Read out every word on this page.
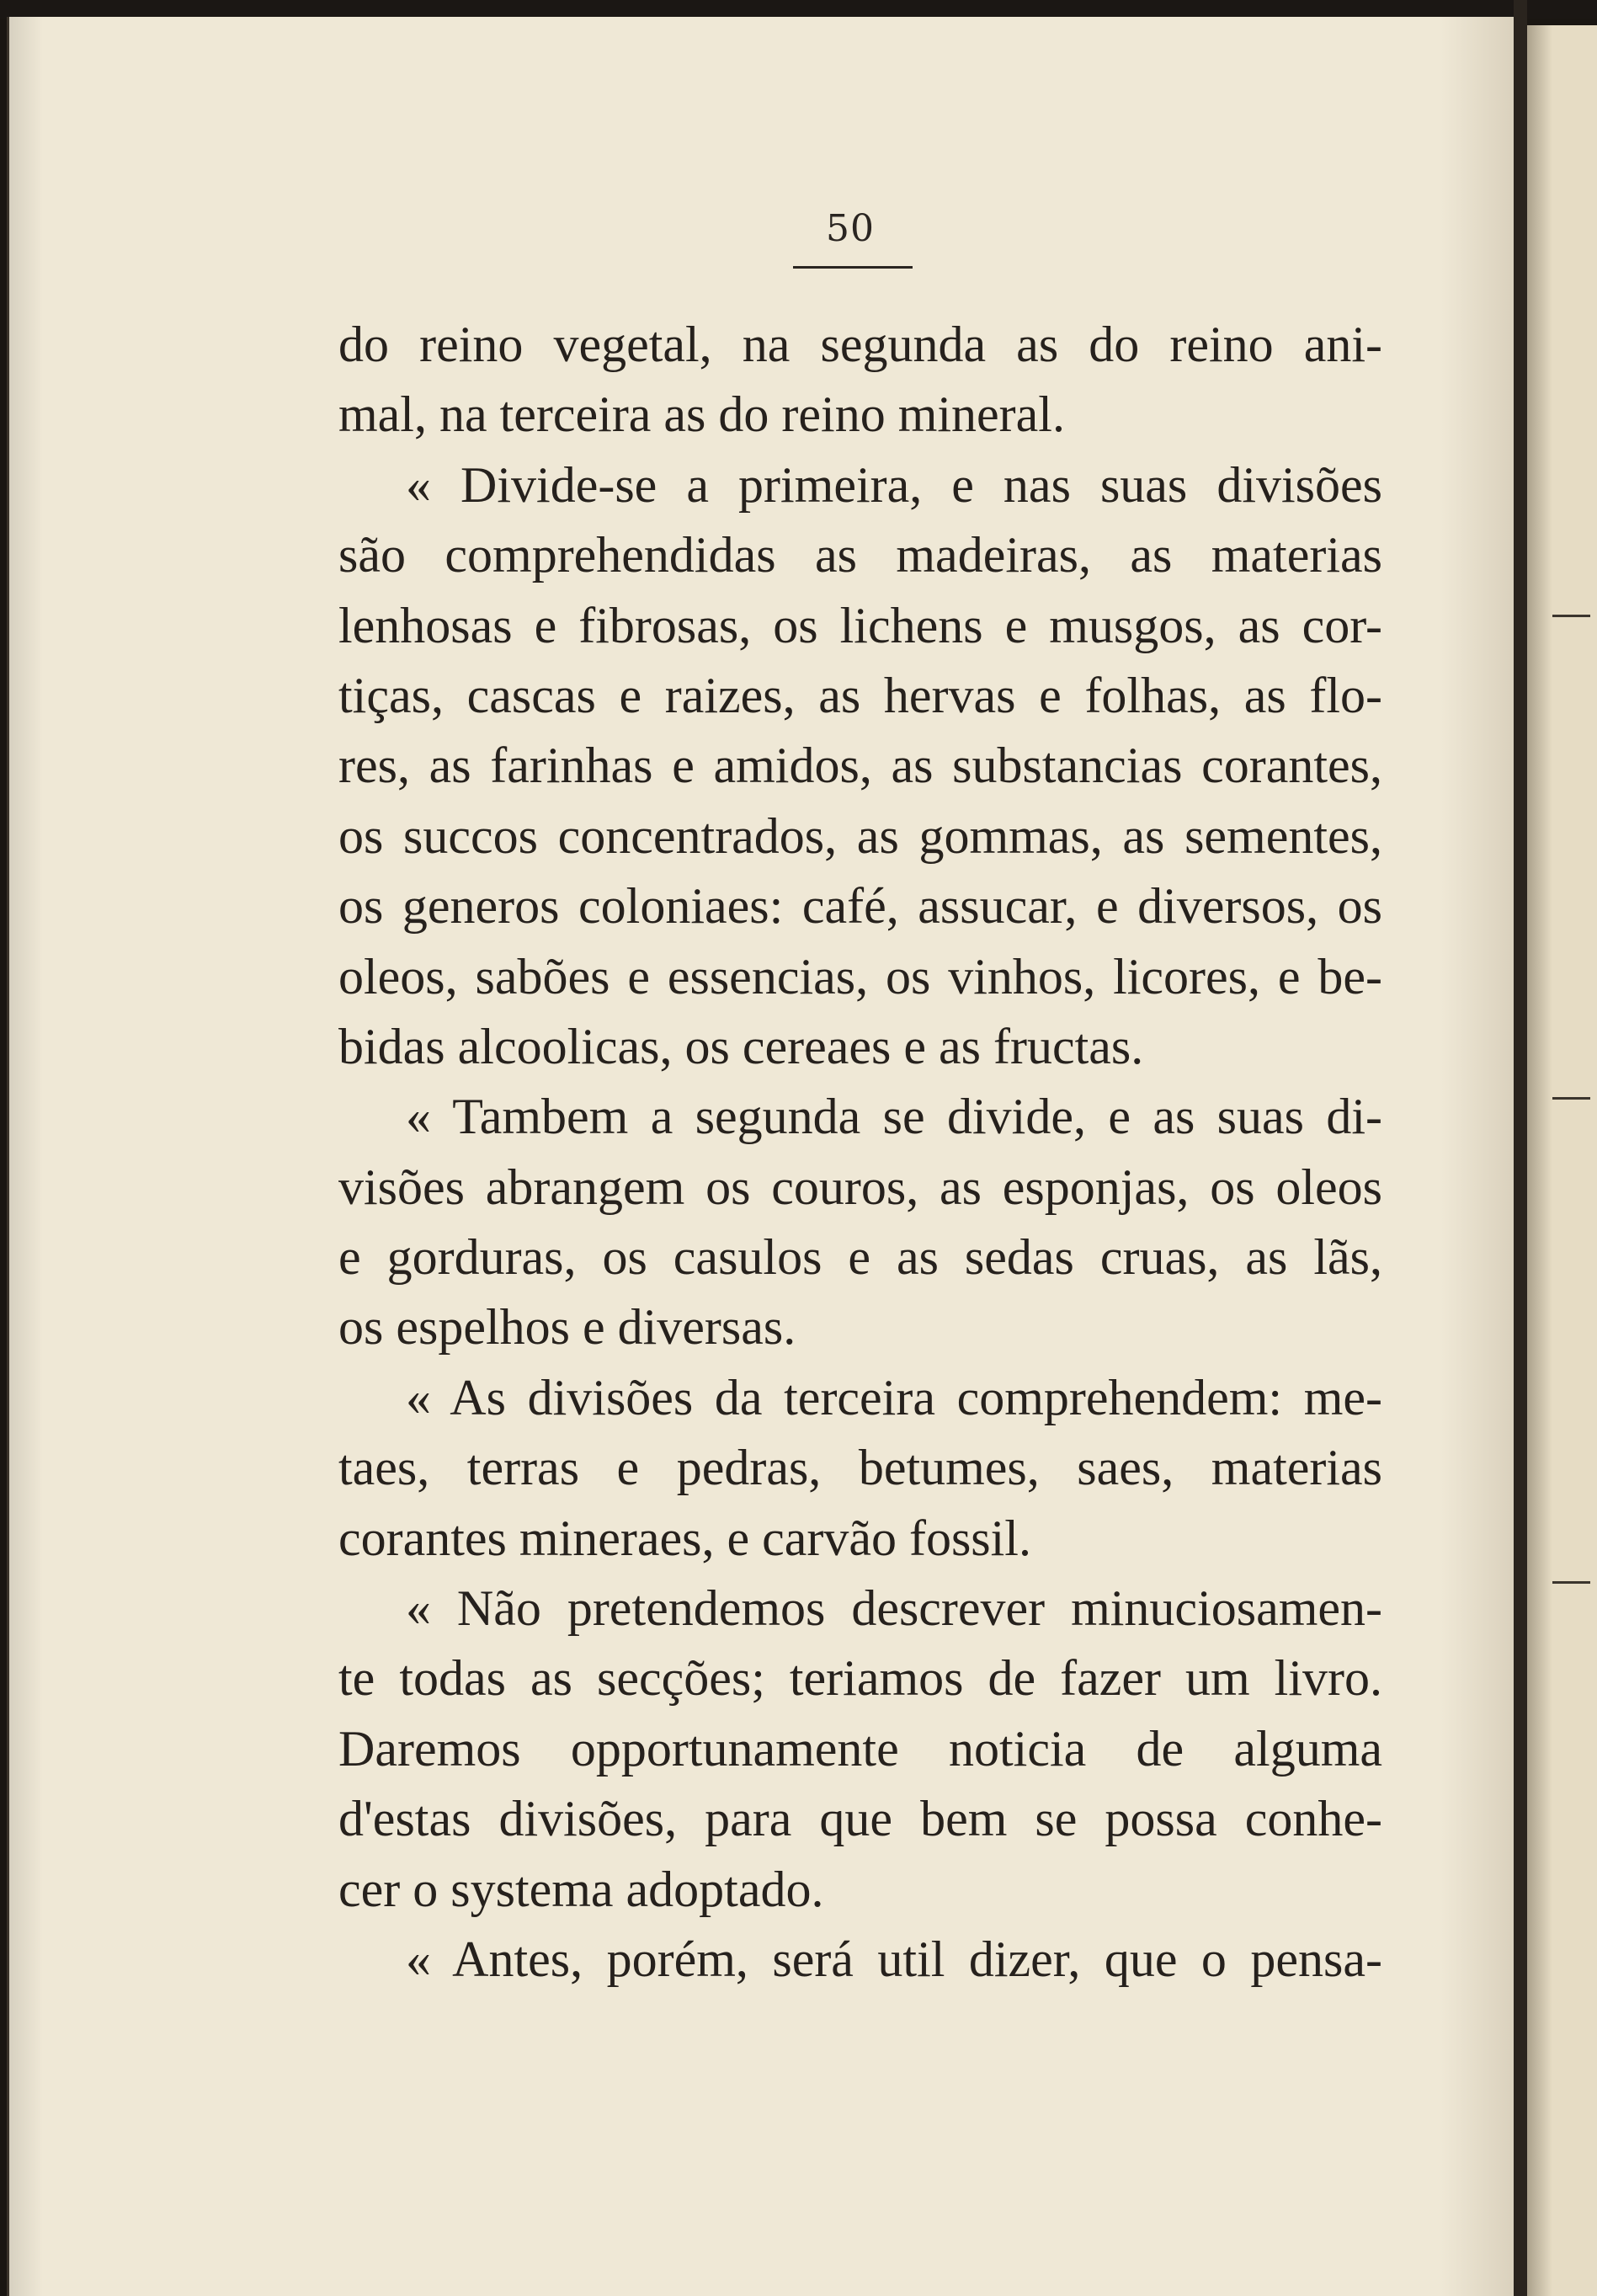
50
do reino vegetal, na segunda as do reino ani-
mal, na terceira as do reino mineral.
« Divide-se a primeira, e nas suas divisões
são comprehendidas as madeiras, as materias
lenhosas e fibrosas, os lichens e musgos, as cor-
tiças, cascas e raizes, as hervas e folhas, as flo-
res, as farinhas e amidos, as substancias corantes,
os succos concentrados, as gommas, as sementes,
os generos coloniaes: café, assucar, e diversos, os
oleos, sabões e essencias, os vinhos, licores, e be-
bidas alcoolicas, os cereaes e as fructas.
« Tambem a segunda se divide, e as suas di-
visões abrangem os couros, as esponjas, os oleos
e gorduras, os casulos e as sedas cruas, as lãs,
os espelhos e diversas.
« As divisões da terceira comprehendem: me-
taes, terras e pedras, betumes, saes, materias
corantes mineraes, e carvão fossil.
« Não pretendemos descrever minuciosamen-
te todas as secções; teriamos de fazer um livro.
Daremos opportunamente noticia de alguma
d'estas divisões, para que bem se possa conhe-
cer o systema adoptado.
« Antes, porém, será util dizer, que o pensa-
